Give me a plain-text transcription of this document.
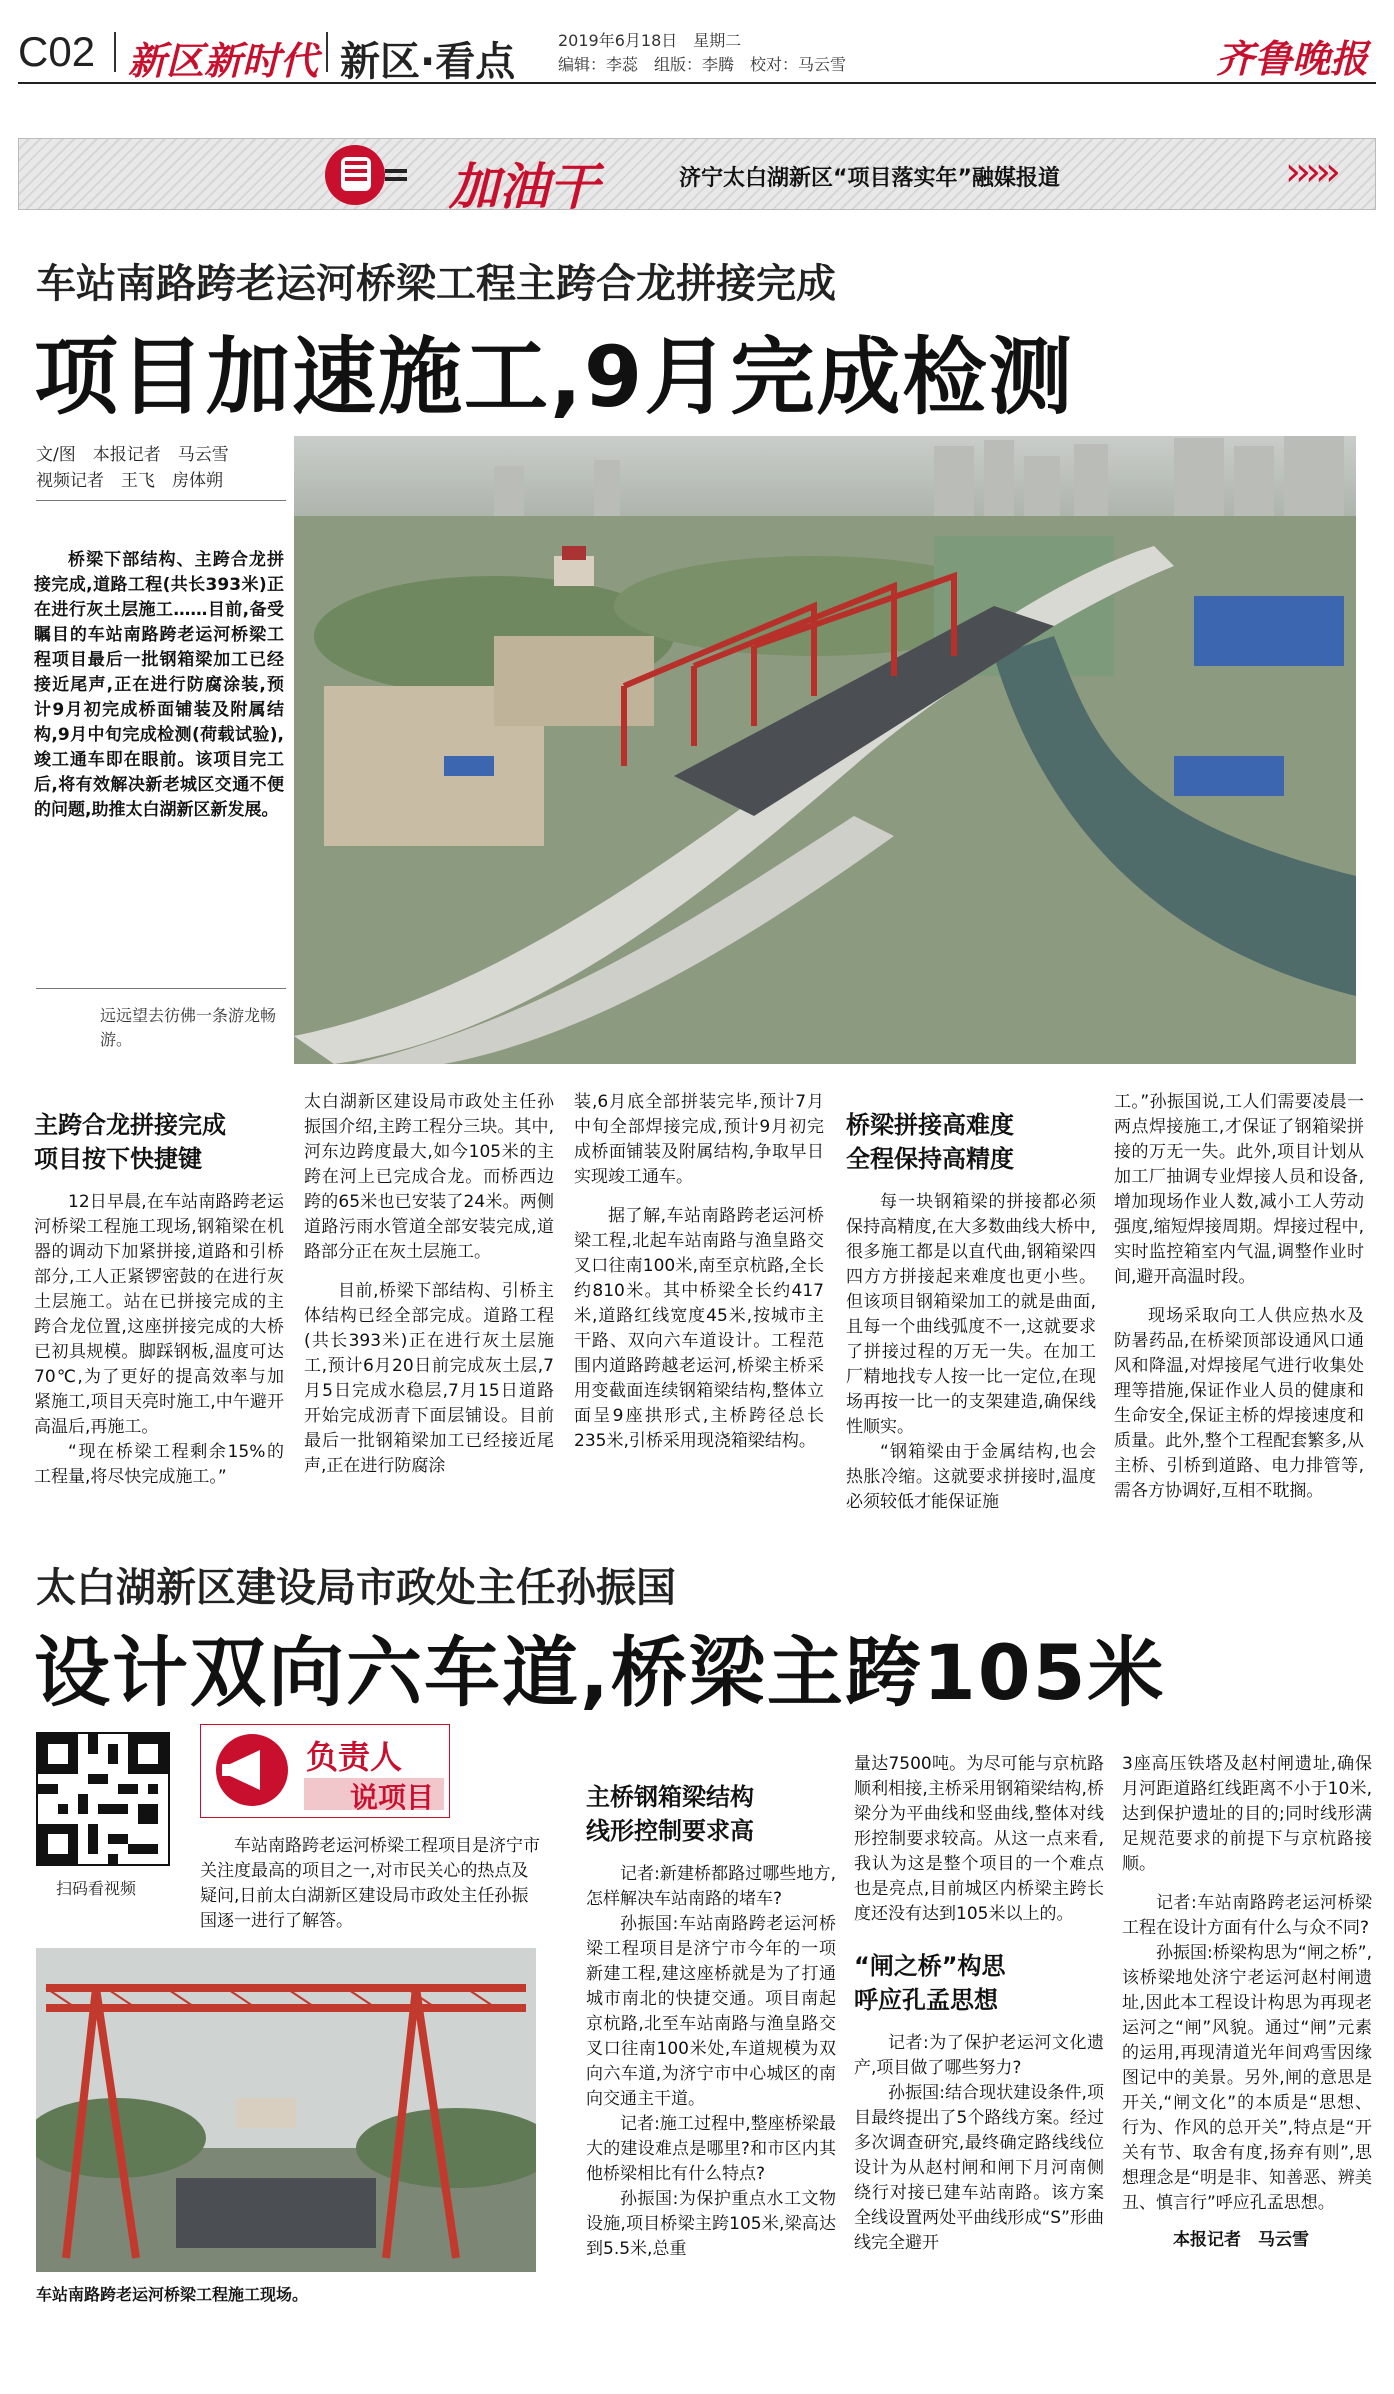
C02 新区新时代 新区·看点	2019年6月18日　星期二
编辑：李蕊　组版：李腾　校对：马云雪	齐鲁晚报
加油干	济宁太白湖新区“项目落实年”融媒报道	›››››
车站南路跨老运河桥梁工程主跨合龙拼接完成
项目加速施工,9月完成检测
文/图　本报记者　马云雪
视频记者　王飞　房体朔

桥梁下部结构、主跨合龙拼接完成,道路工程(共长393米)正在进行灰土层施工……目前,备受瞩目的车站南路跨老运河桥梁工程项目最后一批钢箱梁加工已经接近尾声,正在进行防腐涂装,预计9月初完成桥面铺装及附属结构,9月中旬完成检测(荷载试验),竣工通车即在眼前。该项目完工后,将有效解决新老城区交通不便的问题,助推太白湖新区新发展。

远远望去彷佛一条游龙畅游。
主跨合龙拼接完成
项目按下快捷键

12日早晨,在车站南路跨老运河桥梁工程施工现场,钢箱梁在机器的调动下加紧拼接,道路和引桥部分,工人正紧锣密鼓的在进行灰土层施工。站在已拼接完成的主跨合龙位置,这座拼接完成的大桥已初具规模。脚踩钢板,温度可达70℃,为了更好的提高效率与加紧施工,项目天亮时施工,中午避开高温后,再施工。

“现在桥梁工程剩余15%的工程量,将尽快完成施工。”

太白湖新区建设局市政处主任孙振国介绍,主跨工程分三块。其中,河东边跨度最大,如今105米的主跨在河上已完成合龙。而桥西边跨的65米也已安装了24米。两侧道路污雨水管道全部安装完成,道路部分正在灰土层施工。

目前,桥梁下部结构、引桥主体结构已经全部完成。道路工程(共长393米)正在进行灰土层施工,预计6月20日前完成灰土层,7月5日完成水稳层,7月15日道路开始完成沥青下面层铺设。目前最后一批钢箱梁加工已经接近尾声,正在进行防腐涂

装,6月底全部拼装完毕,预计7月中旬全部焊接完成,预计9月初完成桥面铺装及附属结构,争取早日实现竣工通车。

据了解,车站南路跨老运河桥梁工程,北起车站南路与渔皇路交叉口往南100米,南至京杭路,全长约810米。其中桥梁全长约417米,道路红线宽度45米,按城市主干路、双向六车道设计。工程范围内道路跨越老运河,桥梁主桥采用变截面连续钢箱梁结构,整体立面呈9座拱形式,主桥跨径总长235米,引桥采用现浇箱梁结构。

桥梁拼接高难度
全程保持高精度

每一块钢箱梁的拼接都必须保持高精度,在大多数曲线大桥中,很多施工都是以直代曲,钢箱梁四四方方拼接起来难度也更小些。但该项目钢箱梁加工的就是曲面,且每一个曲线弧度不一,这就要求了拼接过程的万无一失。在加工厂精地找专人按一比一定位,在现场再按一比一的支架建造,确保线性顺实。

“钢箱梁由于金属结构,也会热胀冷缩。这就要求拼接时,温度必须较低才能保证施

工。”孙振国说,工人们需要凌晨一两点焊接施工,才保证了钢箱梁拼接的万无一失。此外,项目计划从加工厂抽调专业焊接人员和设备,增加现场作业人数,减小工人劳动强度,缩短焊接周期。焊接过程中,实时监控箱室内气温,调整作业时间,避开高温时段。

现场采取向工人供应热水及防暑药品,在桥梁顶部设通风口通风和降温,对焊接尾气进行收集处理等措施,保证作业人员的健康和生命安全,保证主桥的焊接速度和质量。此外,整个工程配套繁多,从主桥、引桥到道路、电力排管等,需各方协调好,互相不耽搁。

太白湖新区建设局市政处主任孙振国
设计双向六车道,桥梁主跨105米
扫码看视频
负责人
说项目
车站南路跨老运河桥梁工程项目是济宁市关注度最高的项目之一,对市民关心的热点及疑问,日前太白湖新区建设局市政处主任孙振国逐一进行了解答。
车站南路跨老运河桥梁工程施工现场。
主桥钢箱梁结构
线形控制要求高

记者:新建桥都路过哪些地方,怎样解决车站南路的堵车?

孙振国:车站南路跨老运河桥梁工程项目是济宁市今年的一项新建工程,建这座桥就是为了打通城市南北的快捷交通。项目南起京杭路,北至车站南路与渔皇路交叉口往南100米处,车道规模为双向六车道,为济宁市中心城区的南向交通主干道。

记者:施工过程中,整座桥梁最大的建设难点是哪里?和市区内其他桥梁相比有什么特点?

孙振国:为保护重点水工文物设施,项目桥梁主跨105米,梁高达到5.5米,总重

量达7500吨。为尽可能与京杭路顺利相接,主桥采用钢箱梁结构,桥梁分为平曲线和竖曲线,整体对线形控制要求较高。从这一点来看,我认为这是整个项目的一个难点也是亮点,目前城区内桥梁主跨长度还没有达到105米以上的。

“闸之桥”构思
呼应孔孟思想

记者:为了保护老运河文化遗产,项目做了哪些努力?

孙振国:结合现状建设条件,项目最终提出了5个路线方案。经过多次调查研究,最终确定路线线位设计为从赵村闸和闸下月河南侧绕行对接已建车站南路。该方案全线设置两处平曲线形成“S”形曲线完全避开

3座高压铁塔及赵村闸遗址,确保月河距道路红线距离不小于10米,达到保护遗址的目的;同时线形满足规范要求的前提下与京杭路接顺。

记者:车站南路跨老运河桥梁工程在设计方面有什么与众不同?

孙振国:桥梁构思为“闸之桥”,该桥梁地处济宁老运河赵村闸遗址,因此本工程设计构思为再现老运河之“闸”风貌。通过“闸”元素的运用,再现清道光年间鸡雪因缘图记中的美景。另外,闸的意思是开关,“闸文化”的本质是“思想、行为、作风的总开关”,特点是“开关有节、取舍有度,扬弃有则”,思想理念是“明是非、知善恶、辨美丑、慎言行”呼应孔孟思想。

本报记者　马云雪
